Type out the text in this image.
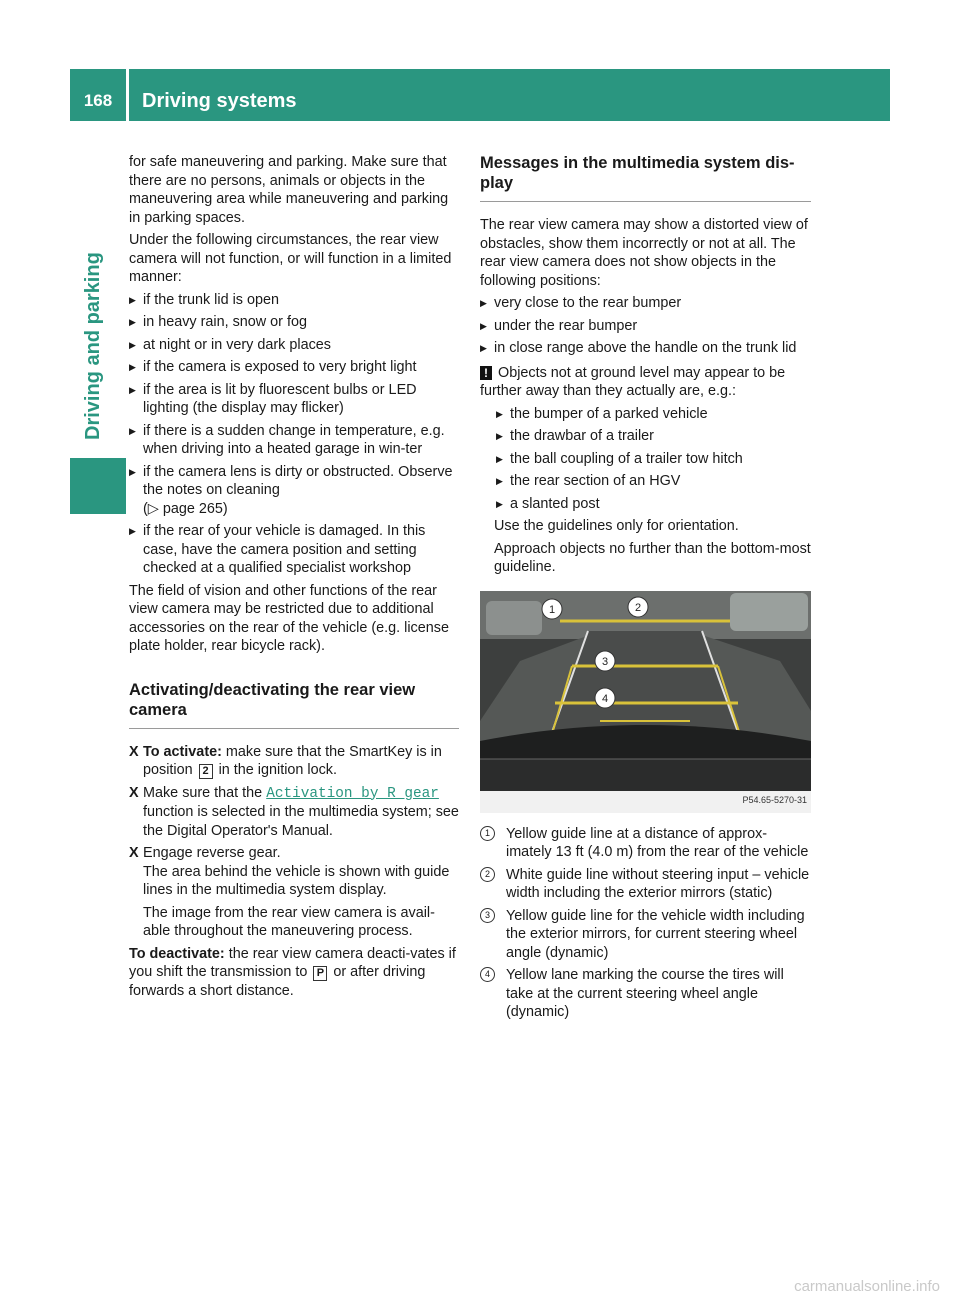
168	Driving systems
Driving and parking

for safe maneuvering and parking. Make sure that there are no persons, animals or objects in the maneuvering area while maneuvering and parking in parking spaces.

Under the following circumstances, the rear view camera will not function, or will function in a limited manner:

▶ if the trunk lid is open
▶ in heavy rain, snow or fog
▶ at night or in very dark places
▶ if the camera is exposed to very bright light
▶ if the area is lit by fluorescent bulbs or LED lighting (the display may flicker)
▶ if there is a sudden change in temperature, e.g. when driving into a heated garage in win-ter
▶ if the camera lens is dirty or obstructed. Observe the notes on cleaning
(▷ page 265)
▶ if the rear of your vehicle is damaged. In this case, have the camera position and setting checked at a qualified specialist workshop

The field of vision and other functions of the rear view camera may be restricted due to additional accessories on the rear of the vehicle (e.g. license plate holder, rear bicycle rack).

Activating/deactivating the rear view camera
X To activate: make sure that the SmartKey is in position 2 in the ignition lock.
X Make sure that the Activation by R gear function is selected in the multimedia system; see the Digital Operator's Manual.
X Engage reverse gear.
The area behind the vehicle is shown with guide lines in the multimedia system display.

The image from the rear view camera is avail-able throughout the maneuvering process.

To deactivate: the rear view camera deacti-vates if you shift the transmission to P or after driving forwards a short distance.

Messages in the multimedia system dis-play

The rear view camera may show a distorted view of obstacles, show them incorrectly or not at all. The rear view camera does not show objects in the following positions:

▶ very close to the rear bumper
▶ under the rear bumper
▶ in close range above the handle on the trunk lid
! Objects not at ground level may appear to be further away than they actually are, e.g.:
▶ the bumper of a parked vehicle
▶ the drawbar of a trailer
▶ the ball coupling of a trailer tow hitch
▶ the rear section of an HGV
▶ a slanted post

Use the guidelines only for orientation.

Approach objects no further than the bottom-most guideline.

1	2
3
4
P54.65-5270-31
1	Yellow guide line at a distance of approx-imately 13 ft (4.0 m) from the rear of the vehicle
2	White guide line without steering input – vehicle width including the exterior mirrors (static)
3	Yellow guide line for the vehicle width including the exterior mirrors, for current steering wheel angle (dynamic)
4	Yellow lane marking the course the tires will take at the current steering wheel angle (dynamic)
carmanualsonline.info
